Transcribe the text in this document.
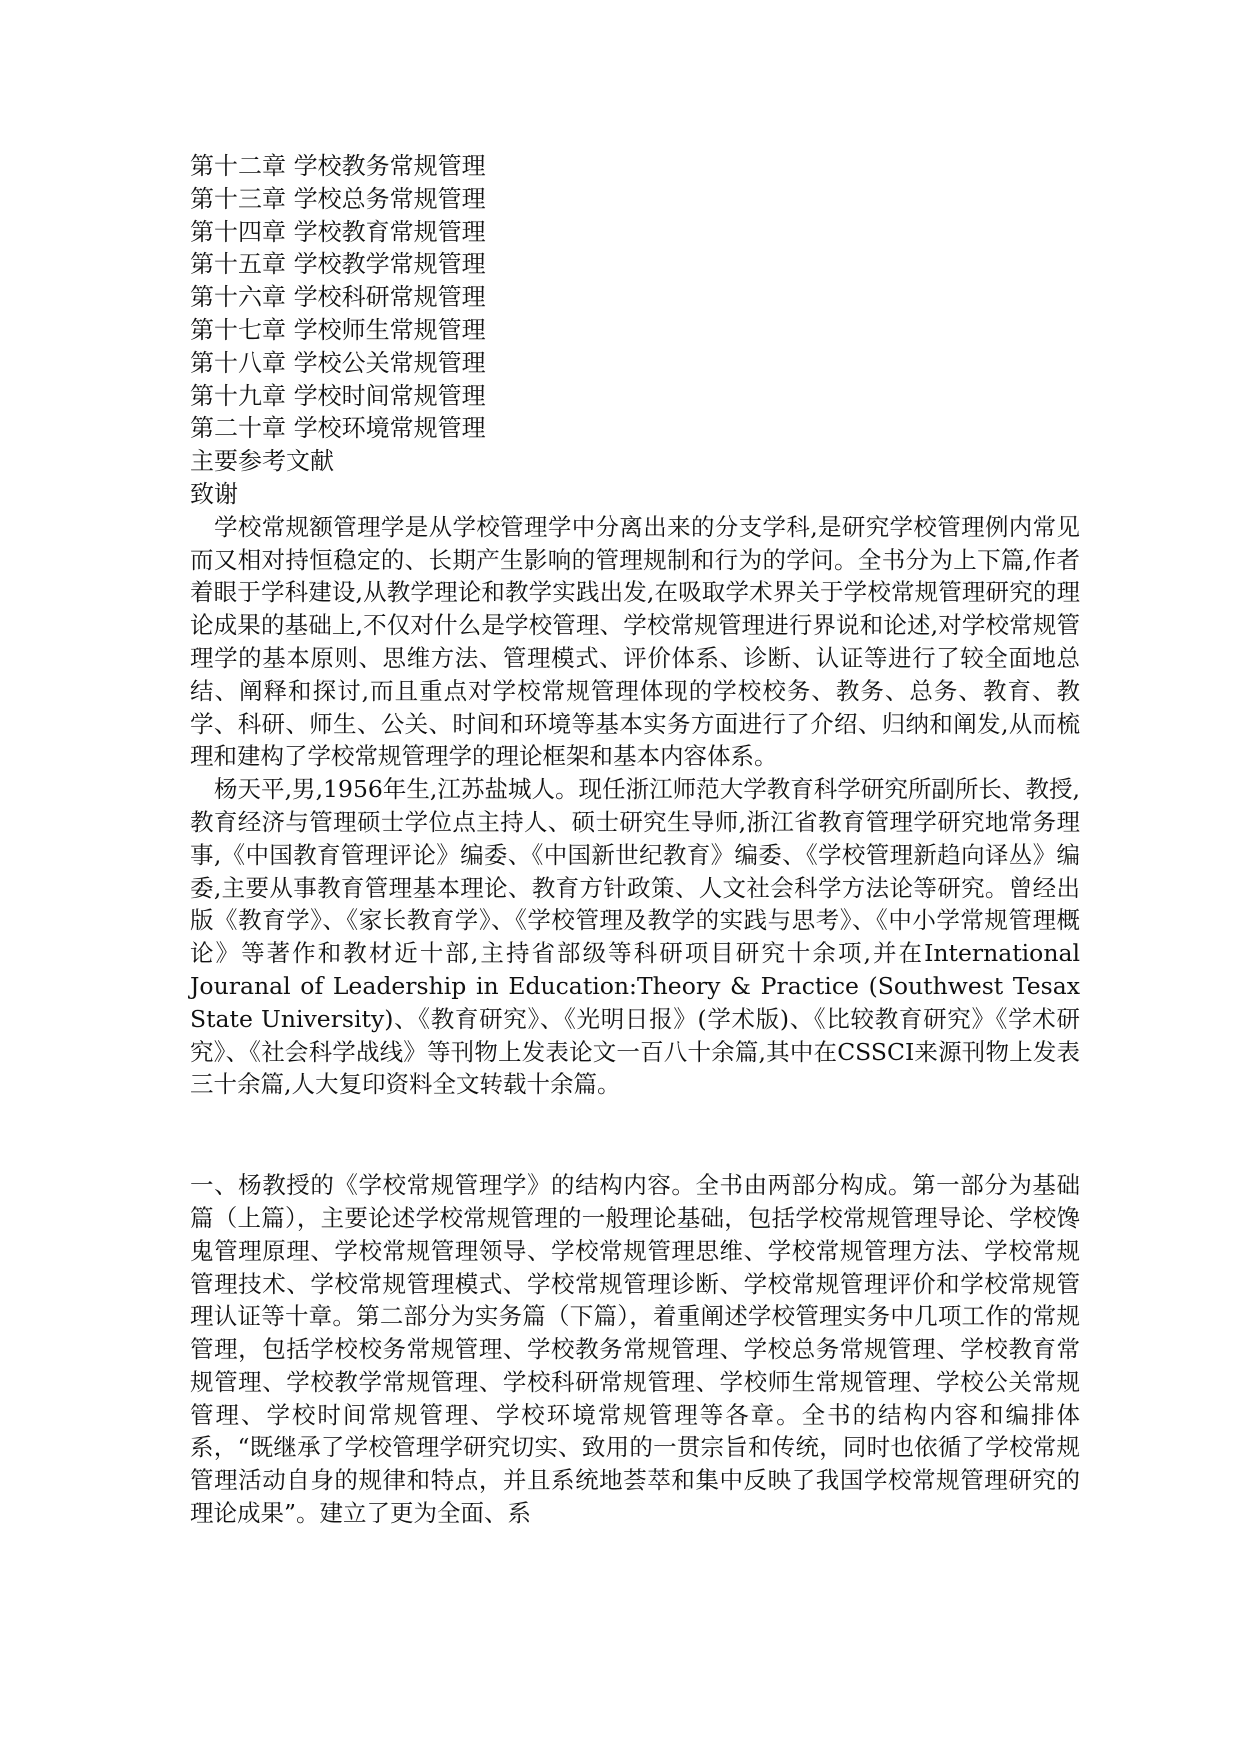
第十二章 学校教务常规管理
第十三章 学校总务常规管理
第十四章 学校教育常规管理
第十五章 学校教学常规管理
第十六章 学校科研常规管理
第十七章 学校师生常规管理
第十八章 学校公关常规管理
第十九章 学校时间常规管理
第二十章 学校环境常规管理
主要参考文献
致谢

学校常规额管理学是从学校管理学中分离出来的分支学科,是研究学校管理例内常见而又相对持恒稳定的、长期产生影响的管理规制和行为的学问。全书分为上下篇,作者着眼于学科建设,从教学理论和教学实践出发,在吸取学术界关于学校常规管理研究的理论成果的基础上,不仅对什么是学校管理、学校常规管理进行界说和论述,对学校常规管理学的基本原则、思维方法、管理模式、评价体系、诊断、认证等进行了较全面地总结、阐释和探讨,而且重点对学校常规管理体现的学校校务、教务、总务、教育、教学、科研、师生、公关、时间和环境等基本实务方面进行了介绍、归纳和阐发,从而梳理和建构了学校常规管理学的理论框架和基本内容体系。

杨天平,男,1956年生,江苏盐城人。现任浙江师范大学教育科学研究所副所长、教授,教育经济与管理硕士学位点主持人、硕士研究生导师,浙江省教育管理学研究地常务理事,《中国教育管理评论》编委、《中国新世纪教育》编委、《学校管理新趋向译丛》编委,主要从事教育管理基本理论、教育方针政策、人文社会科学方法论等研究。曾经出版《教育学》、《家长教育学》、《学校管理及教学的实践与思考》、《中小学常规管理概论》等著作和教材近十部,主持省部级等科研项目研究十余项,并在International Jouranal of Leadership in Education:Theory & Practice (Southwest Tesax State University)、《教育研究》、《光明日报》(学术版)、《比较教育研究》《学术研究》、《社会科学战线》等刊物上发表论文一百八十余篇,其中在CSSCI来源刊物上发表三十余篇,人大复印资料全文转载十余篇。

一、杨教授的《学校常规管理学》的结构内容。全书由两部分构成。第一部分为基础篇（上篇），主要论述学校常规管理的一般理论基础，包括学校常规管理导论、学校馋鬼管理原理、学校常规管理领导、学校常规管理思维、学校常规管理方法、学校常规管理技术、学校常规管理模式、学校常规管理诊断、学校常规管理评价和学校常规管理认证等十章。第二部分为实务篇（下篇），着重阐述学校管理实务中几项工作的常规管理，包括学校校务常规管理、学校教务常规管理、学校总务常规管理、学校教育常规管理、学校教学常规管理、学校科研常规管理、学校师生常规管理、学校公关常规管理、学校时间常规管理、学校环境常规管理等各章。全书的结构内容和编排体系，“既继承了学校管理学研究切实、致用的一贯宗旨和传统，同时也依循了学校常规管理活动自身的规律和特点，并且系统地荟萃和集中反映了我国学校常规管理研究的理论成果”。建立了更为全面、系
